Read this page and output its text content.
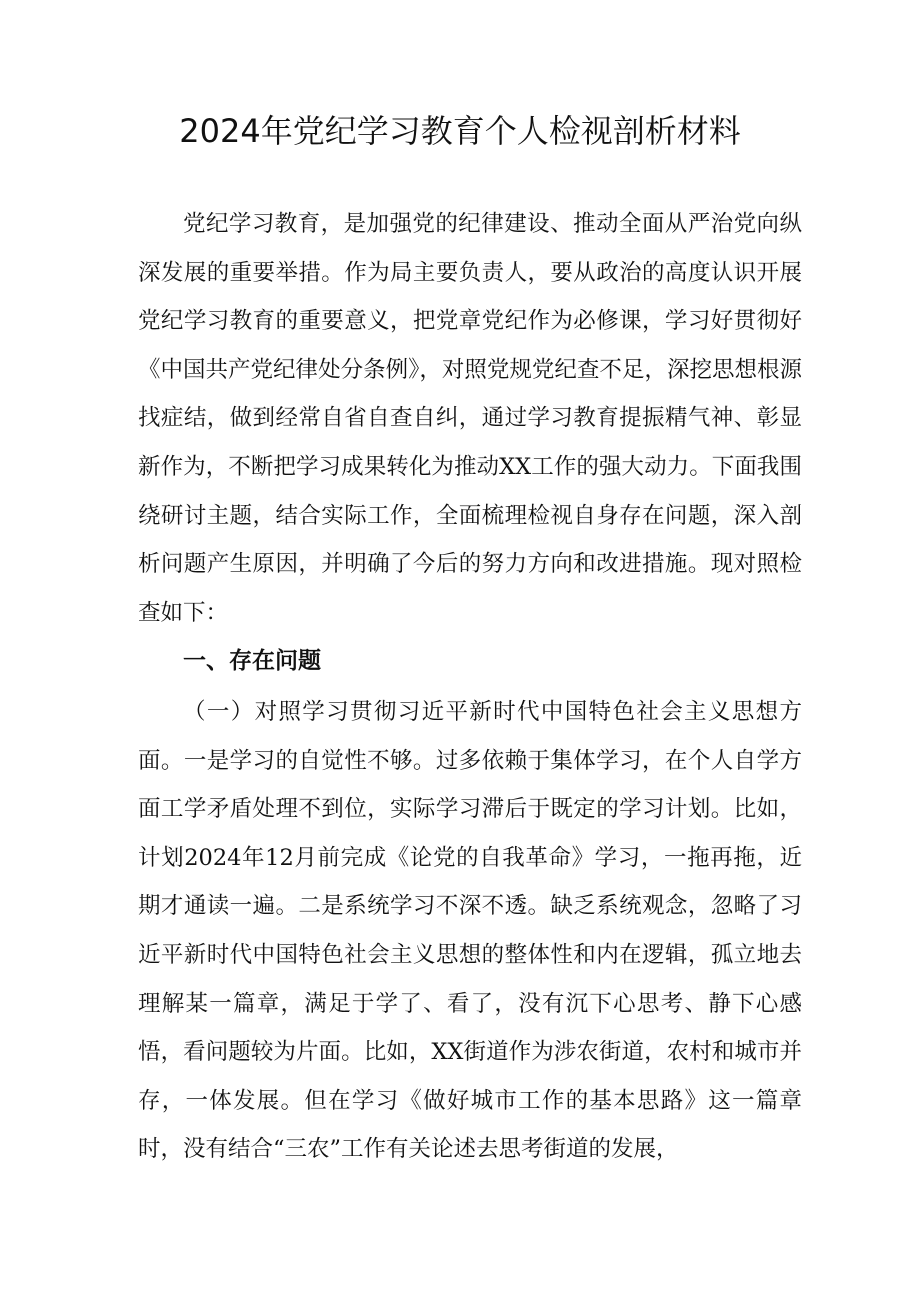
2024年党纪学习教育个人检视剖析材料

党纪学习教育，是加强党的纪律建设、推动全面从严治党向纵深发展的重要举措。作为局主要负责人，要从政治的高度认识开展党纪学习教育的重要意义，把党章党纪作为必修课，学习好贯彻好《中国共产党纪律处分条例》，对照党规党纪查不足，深挖思想根源找症结，做到经常自省自查自纠，通过学习教育提振精气神、彰显新作为，不断把学习成果转化为推动XX工作的强大动力。下面我围绕研讨主题，结合实际工作，全面梳理检视自身存在问题，深入剖析问题产生原因，并明确了今后的努力方向和改进措施。现对照检查如下：

一、存在问题

（一）对照学习贯彻习近平新时代中国特色社会主义思想方面。一是学习的自觉性不够。过多依赖于集体学习，在个人自学方面工学矛盾处理不到位，实际学习滞后于既定的学习计划。比如，计划2024年12月前完成《论党的自我革命》学习，一拖再拖，近期才通读一遍。二是系统学习不深不透。缺乏系统观念，忽略了习近平新时代中国特色社会主义思想的整体性和内在逻辑，孤立地去理解某一篇章，满足于学了、看了，没有沉下心思考、静下心感悟，看问题较为片面。比如，XX街道作为涉农街道，农村和城市并存，一体发展。但在学习《做好城市工作的基本思路》这一篇章时，没有结合“三农”工作有关论述去思考街道的发展，
